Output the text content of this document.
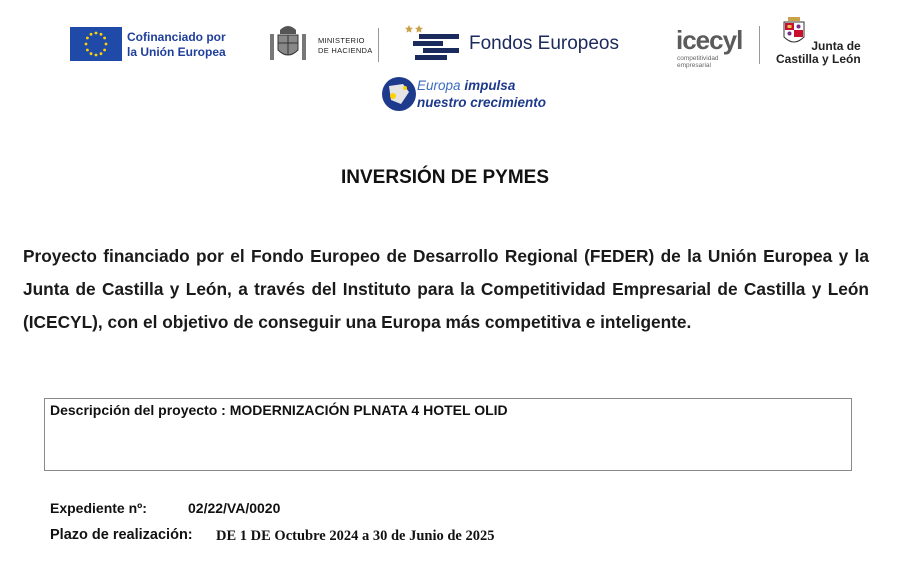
Cofinanciado por
la Unión Europea
MINISTERIO
DE HACIENDA	Fondos Europeos icecyl
competitividad
empresarial
Junta de
Castilla y León
Europa impulsa
nuestro crecimiento
INVERSIÓN DE PYMES
Proyecto financiado por el Fondo Europeo de Desarrollo Regional (FEDER) de la Unión Europea y la Junta de Castilla y León, a través del Instituto para la Competitividad Empresarial de Castilla y León (ICECYL), con el objetivo de conseguir una Europa más competitiva e inteligente.
Descripción del proyecto : MODERNIZACIÓN PLNATA 4 HOTEL OLID
Expediente nº:	02/22/VA/0020
Plazo de realización: DE 1 DE Octubre 2024 a 30 de Junio de 2025
